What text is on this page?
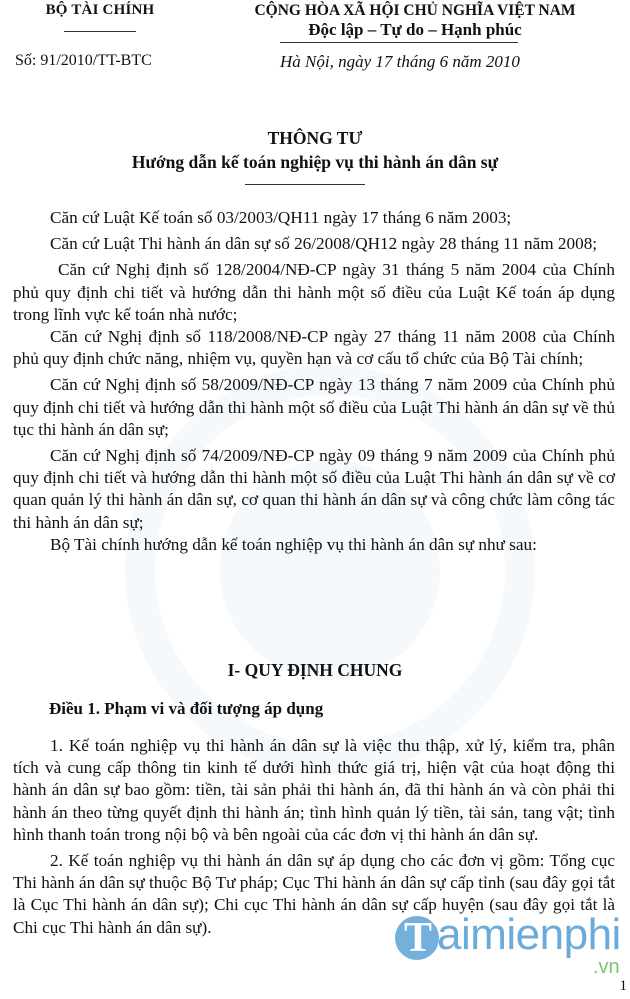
BỘ TÀI CHÍNH	CỘNG HÒA XÃ HỘI CHỦ NGHĨA VIỆT NAM
Độc lập – Tự do – Hạnh phúc
Số: 91/2010/TT-BTC	Hà Nội, ngày 17 tháng 6 năm 2010
THÔNG TƯ
Hướng dẫn kế toán nghiệp vụ thi hành án dân sự

Căn cứ Luật Kế toán số 03/2003/QH11 ngày 17 tháng 6 năm 2003;

Căn cứ Luật Thi hành án dân sự số 26/2008/QH12 ngày 28 tháng 11 năm 2008;

Căn cứ Nghị định số 128/2004/NĐ-CP ngày 31 tháng 5 năm 2004 của Chính phủ quy định chi tiết và hướng dẫn thi hành một số điều của Luật Kế toán áp dụng trong lĩnh vực kế toán nhà nước;

Căn cứ Nghị định số 118/2008/NĐ-CP ngày 27 tháng 11 năm 2008 của Chính phủ quy định chức năng, nhiệm vụ, quyền hạn và cơ cấu tổ chức của Bộ Tài chính;

Căn cứ Nghị định số 58/2009/NĐ-CP ngày 13 tháng 7 năm 2009 của Chính phủ quy định chi tiết và hướng dẫn thi hành một số điều của Luật Thi hành án dân sự về thủ tục thi hành án dân sự;

Căn cứ Nghị định số 74/2009/NĐ-CP ngày 09 tháng 9 năm 2009 của Chính phủ quy định chi tiết và hướng dẫn thi hành một số điều của Luật Thi hành án dân sự về cơ quan quản lý thi hành án dân sự, cơ quan thi hành án dân sự và công chức làm công tác thi hành án dân sự;

Bộ Tài chính hướng dẫn kế toán nghiệp vụ thi hành án dân sự như sau:

I- QUY ĐỊNH CHUNG
Điều 1. Phạm vi và đối tượng áp dụng

1. Kế toán nghiệp vụ thi hành án dân sự là việc thu thập, xử lý, kiểm tra, phân tích và cung cấp thông tin kinh tế dưới hình thức giá trị, hiện vật của hoạt động thi hành án dân sự bao gồm: tiền, tài sản phải thi hành án, đã thi hành án và còn phải thi hành án theo từng quyết định thi hành án; tình hình quản lý tiền, tài sản, tang vật; tình hình thanh toán trong nội bộ và bên ngoài của các đơn vị thi hành án dân sự.

2. Kế toán nghiệp vụ thi hành án dân sự áp dụng cho các đơn vị gồm: Tổng cục Thi hành án dân sự thuộc Bộ Tư pháp; Cục Thi hành án dân sự cấp tỉnh (sau đây gọi tắt là Cục Thi hành án dân sự); Chi cục Thi hành án dân sự cấp huyện (sau đây gọi tắt là Chi cục Thi hành án dân sự).	T aimienphi
.vn
1
